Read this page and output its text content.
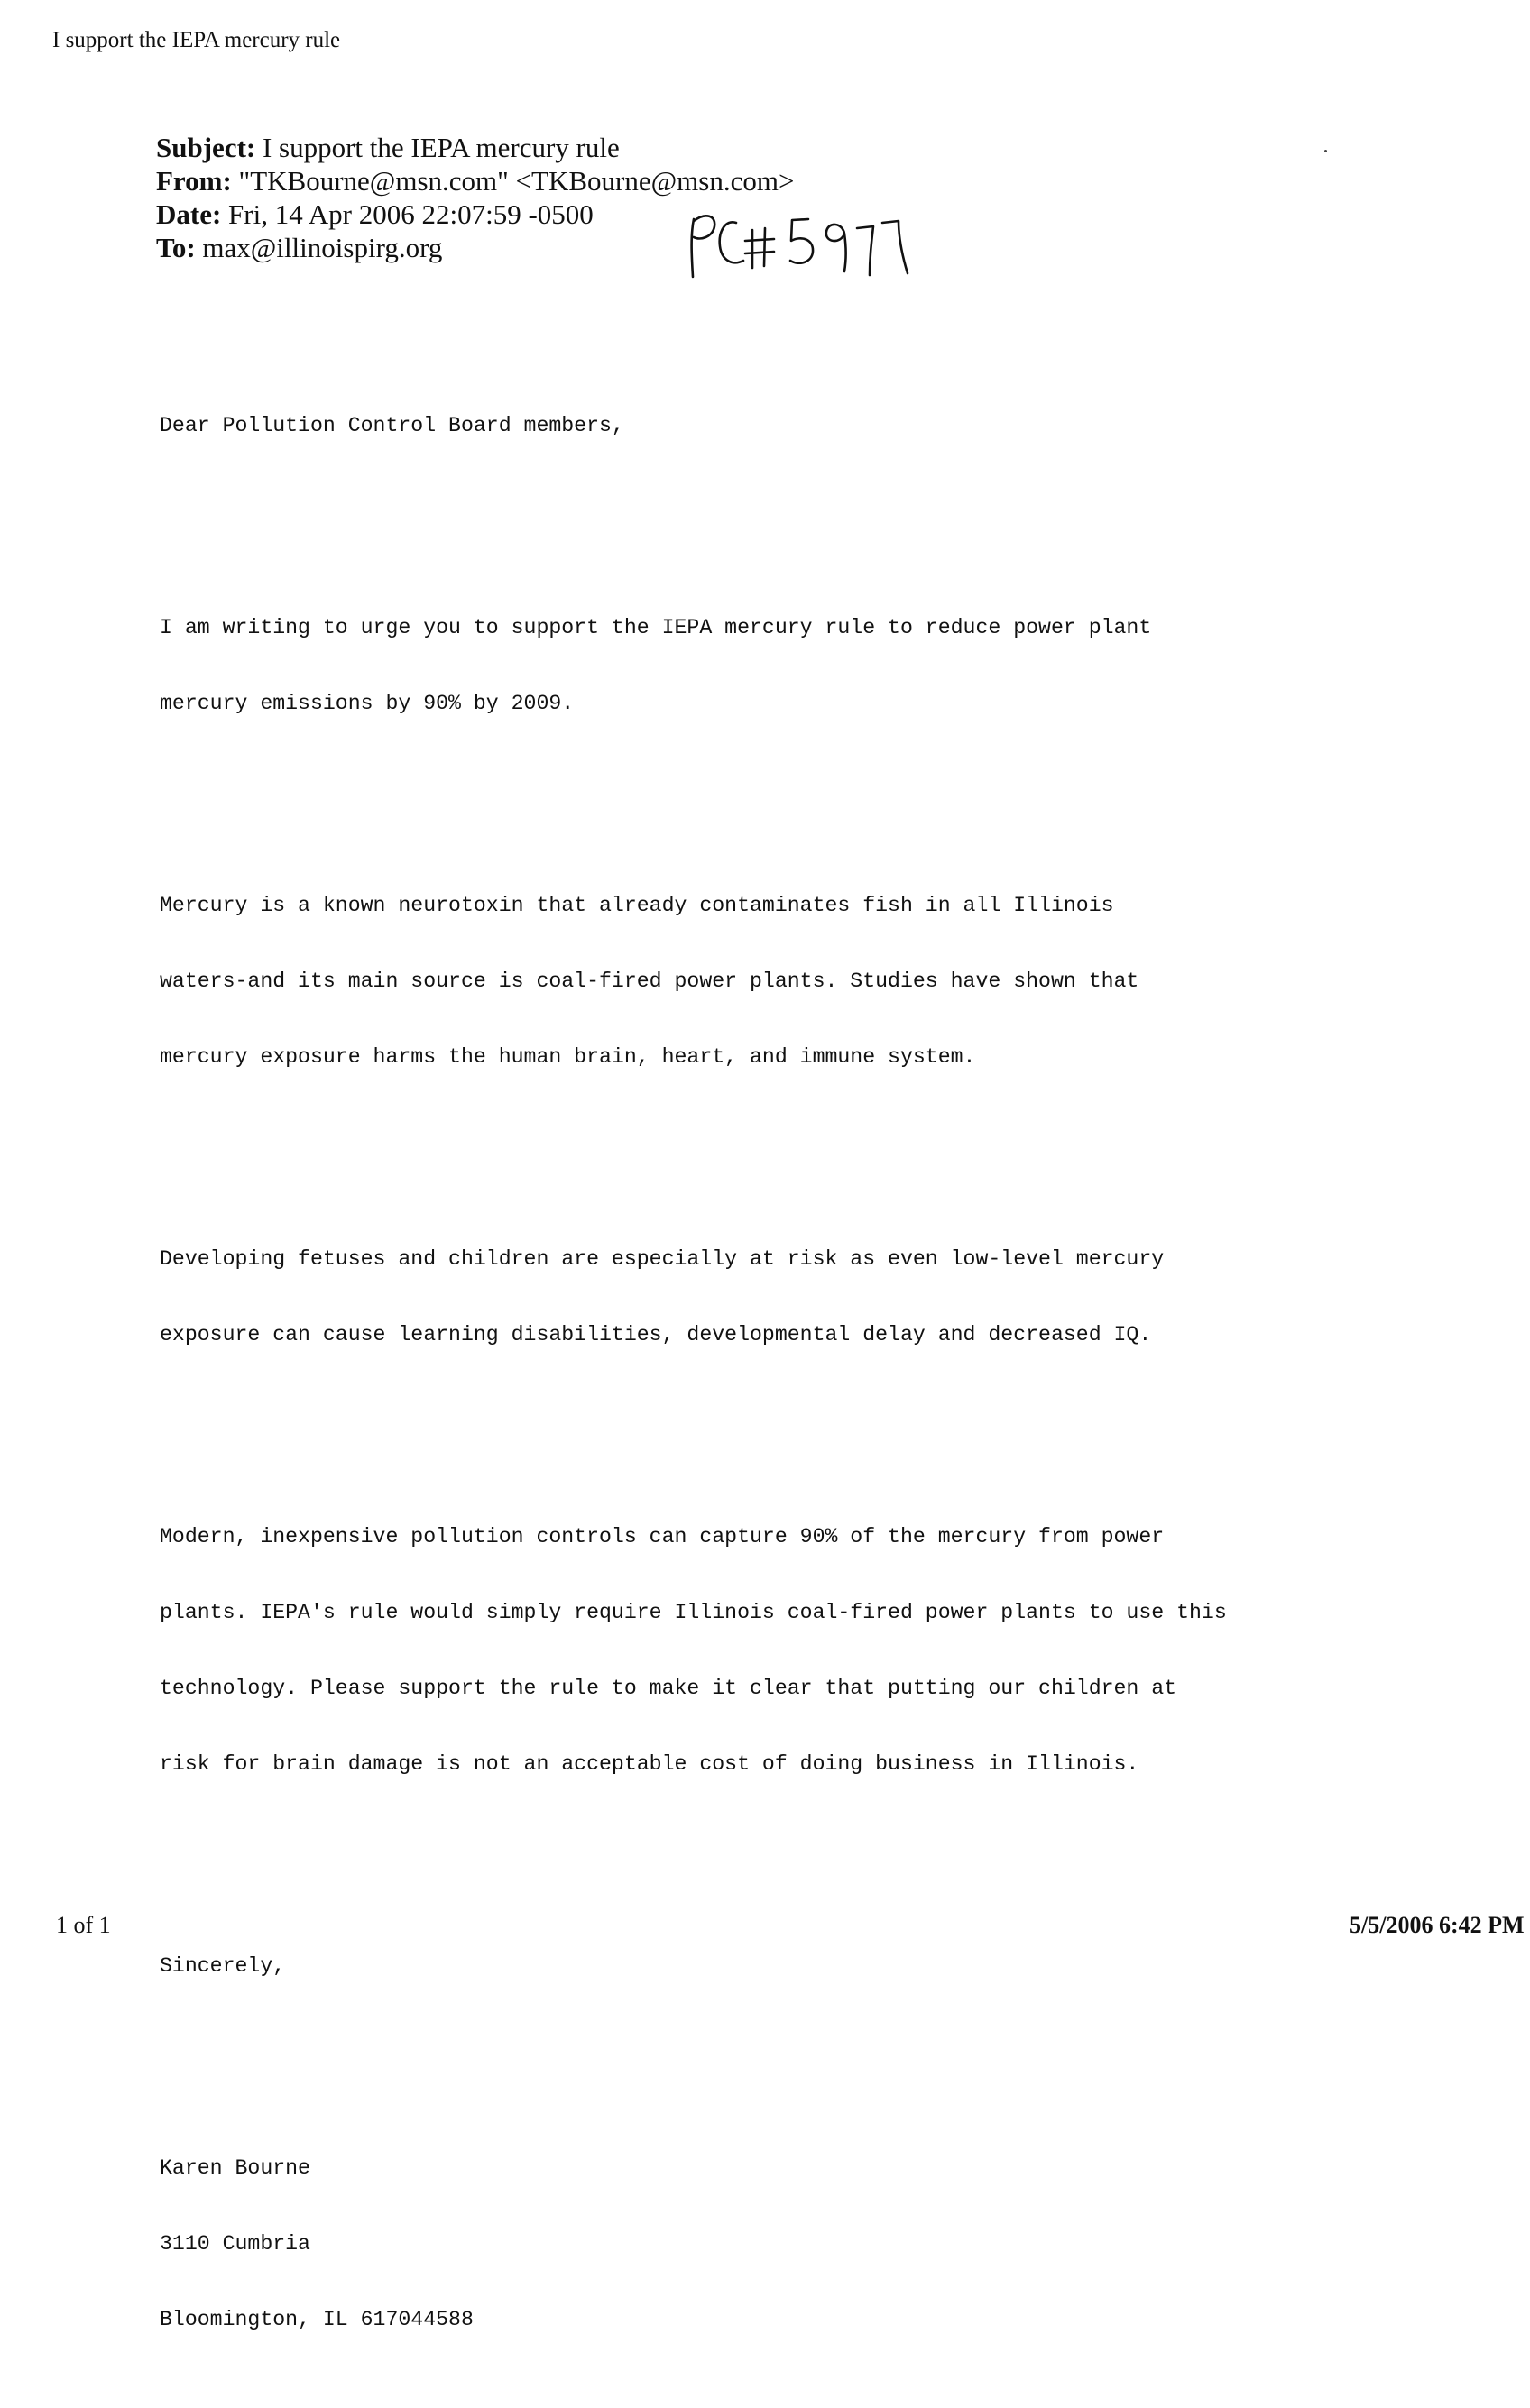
I support the IEPA mercury rule
Subject: I support the IEPA mercury rule
From: "TKBourne@msn.com" <TKBourne@msn.com>
Date: Fri, 14 Apr 2006 22:07:59 -0500
To: max@illinoispirg.org

Dear Pollution Control Board members,

I am writing to urge you to support the IEPA mercury rule to reduce power plant

mercury emissions by 90% by 2009.

Mercury is a known neurotoxin that already contaminates fish in all Illinois

waters-and its main source is coal-fired power plants. Studies have shown that

mercury exposure harms the human brain, heart, and immune system.

Developing fetuses and children are especially at risk as even low-level mercury

exposure can cause learning disabilities, developmental delay and decreased IQ.

Modern, inexpensive pollution controls can capture 90% of the mercury from power

plants. IEPA's rule would simply require Illinois coal-fired power plants to use this

technology. Please support the rule to make it clear that putting our children at

risk for brain damage is not an acceptable cost of doing business in Illinois.

Sincerely,

Karen Bourne

3110 Cumbria

Bloomington, IL 617044588

1 of 1	5/5/2006 6:42 PM
